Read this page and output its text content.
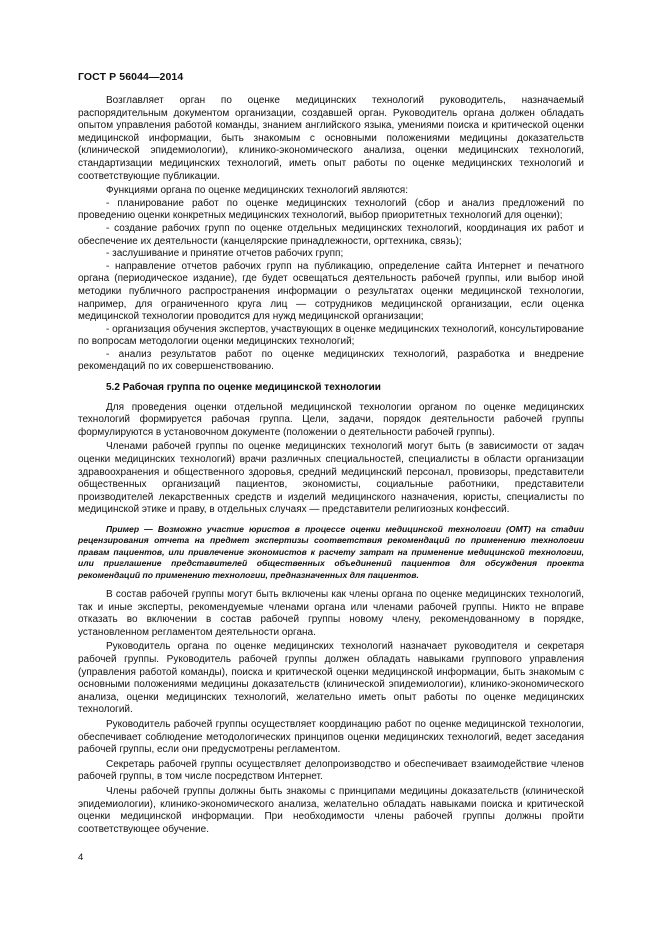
ГОСТ Р 56044—2014

Возглавляет орган по оценке медицинских технологий руководитель, назначаемый распорядительным документом организации, создавшей орган. Руководитель органа должен обладать опытом управления работой команды, знанием английского языка, умениями поиска и критической оценки медицинской информации, быть знакомым с основными положениями медицины доказательств (клинической эпидемиологии), клинико-экономического анализа, оценки медицинских технологий, стандартизации медицинских технологий, иметь опыт работы по оценке медицинских технологий и соответствующие публикации.

Функциями органа по оценке медицинских технологий являются:

- планирование работ по оценке медицинских технологий (сбор и анализ предложений по проведению оценки конкретных медицинских технологий, выбор приоритетных технологий для оценки);

- создание рабочих групп по оценке отдельных медицинских технологий, координация их работ и обеспечение их деятельности (канцелярские принадлежности, оргтехника, связь);

- заслушивание и принятие отчетов рабочих групп;

- направление отчетов рабочих групп на публикацию, определение сайта Интернет и печатного органа (периодическое издание), где будет освещаться деятельность рабочей группы, или выбор иной методики публичного распространения информации о результатах оценки медицинской технологии, например, для ограниченного круга лиц — сотрудников медицинской организации, если оценка медицинской технологии проводится для нужд медицинской организации;

- организация обучения экспертов, участвующих в оценке медицинских технологий, консультирование по вопросам методологии оценки медицинских технологий;

- анализ результатов работ по оценке медицинских технологий, разработка и внедрение рекомендаций по их совершенствованию.

5.2 Рабочая группа по оценке медицинской технологии

Для проведения оценки отдельной медицинской технологии органом по оценке медицинских технологий формируется рабочая группа. Цели, задачи, порядок деятельности рабочей группы формулируются в установочном документе (положении о деятельности рабочей группы).

Членами рабочей группы по оценке медицинских технологий могут быть (в зависимости от задач оценки медицинских технологий) врачи различных специальностей, специалисты в области организации здравоохранения и общественного здоровья, средний медицинский персонал, провизоры, представители общественных организаций пациентов, экономисты, социальные работники, представители производителей лекарственных средств и изделий медицинского назначения, юристы, специалисты по медицинской этике и праву, в отдельных случаях — представители религиозных конфессий.

Пример — Возможно участие юристов в процессе оценки медицинской технологии (ОМТ) на стадии рецензирования отчета на предмет экспертизы соответствия рекомендаций по применению технологии правам пациентов, или привлечение экономистов к расчету затрат на применение медицинской технологии, или приглашение представителей общественных объединений пациентов для обсуждения проекта рекомендаций по применению технологии, предназначенных для пациентов.

В состав рабочей группы могут быть включены как члены органа по оценке медицинских технологий, так и иные эксперты, рекомендуемые членами органа или членами рабочей группы. Никто не вправе отказать во включении в состав рабочей группы новому члену, рекомендованному в порядке, установленном регламентом деятельности органа.

Руководитель органа по оценке медицинских технологий назначает руководителя и секретаря рабочей группы. Руководитель рабочей группы должен обладать навыками группового управления (управления работой команды), поиска и критической оценки медицинской информации, быть знакомым с основными положениями медицины доказательств (клинической эпидемиологии), клинико-экономического анализа, оценки медицинских технологий, желательно иметь опыт работы по оценке медицинских технологий.

Руководитель рабочей группы осуществляет координацию работ по оценке медицинской технологии, обеспечивает соблюдение методологических принципов оценки медицинских технологий, ведет заседания рабочей группы, если они предусмотрены регламентом.

Секретарь рабочей группы осуществляет делопроизводство и обеспечивает взаимодействие членов рабочей группы, в том числе посредством Интернет.

Члены рабочей группы должны быть знакомы с принципами медицины доказательств (клинической эпидемиологии), клинико-экономического анализа, желательно обладать навыками поиска и критической оценки медицинской информации. При необходимости члены рабочей группы должны пройти соответствующее обучение.

4
